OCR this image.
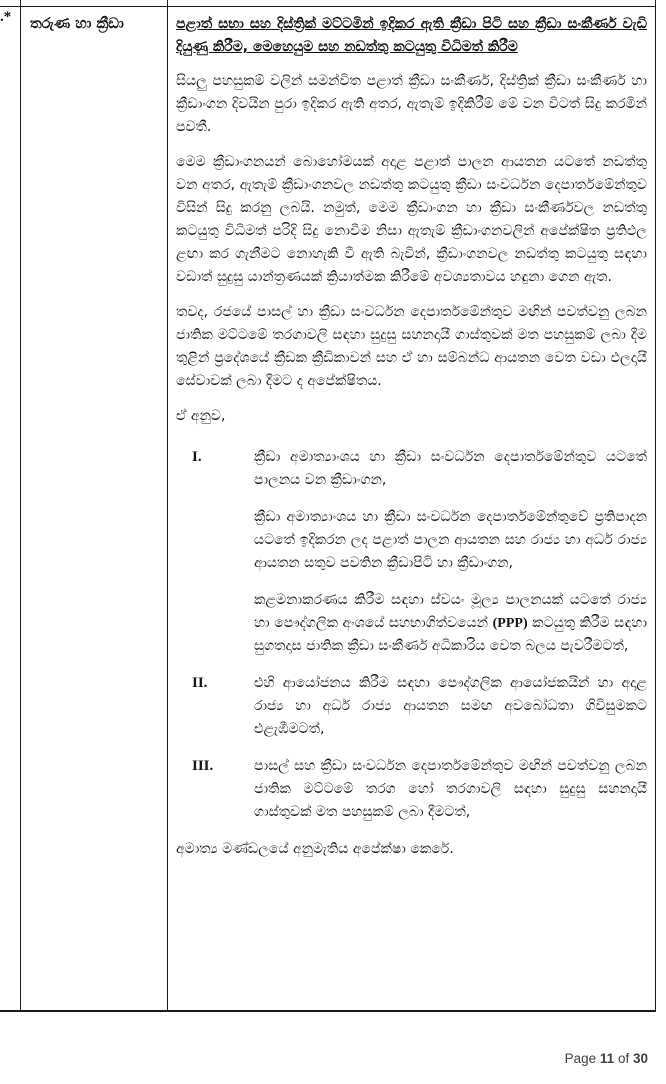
.*	තරුණ හා ක්‍රීඩා	පළාත් සභා සහ දිස්ත්‍රික් මට්ටමින් ඉදිකර ඇති ක්‍රීඩා පිටි සහ ක්‍රීඩා සංකීර්ණ වැඩි දියුණු කිරීම, මෙහෙයුම සහ නඩත්තු කටයුතු විධිමත් කිරීම

සියලු පහසුකම් වලින් සමන්විත පළාත් ක්‍රීඩා සංකීර්ණ, දිස්ත්‍රික් ක්‍රීඩා සංකීර්ණ හා ක්‍රීඩාංගන දිවයින පුරා ඉදිකර ඇති අතර, ඇතැම් ඉදිකිරීම් මේ වන විටත් සිදු කරමින් පවතී.

මෙම ක්‍රීඩාංගනයන් බොහෝමයක් අදාළ පළාත් පාලන ආයතන යටතේ නඩත්තු වන අතර, ඇතැම් ක්‍රීඩාංගනවල නඩත්තු කටයුතු ක්‍රීඩා සංවර්ධන දෙපාර්තමේන්තුව විසින් සිදු කරනු ලබයි. නමුත්, මෙම ක්‍රීඩාංගන හා ක්‍රීඩා සංකීර්ණවල නඩත්තු කටයුතු විධිමත් පරිදි සිදු නොවීම නිසා ඇතැම් ක්‍රීඩාංගනවලින් අපේක්ෂිත ප්‍රතිඵල ළඟා කර ගැනීමට නොහැකි වී ඇති බැවින්, ක්‍රීඩාංගනවල නඩත්තු කටයුතු සඳහා වඩාත් සුදුසු යාන්ත්‍රණයක් ක්‍රියාත්මක කිරීමේ අවශ්‍යතාවය හඳුනා ගෙන ඇත.

තවද, රජයේ පාසල් හා ක්‍රීඩා සංවර්ධන දෙපාර්තමේන්තුව මඟින් පවත්වනු ලබන ජාතික මට්ටමේ තරගාවලි සඳහා සුදුසු සහනදායී ගාස්තුවක් මත පහසුකම් ලබා දීම තුළින් ප්‍රදේශයේ ක්‍රීඩක ක්‍රීඩිකාවන් සහ ඒ හා සම්බන්ධ ආයතන වෙත වඩා ඵලදායී සේවාවක් ලබා දීමට ද අපේක්ෂිතය.

ඒ අනුව,

I.	ක්‍රීඩා අමාත්‍යාංශය හා ක්‍රීඩා සංවර්ධන දෙපාර්තමේන්තුව යටතේ පාලනය වන ක්‍රීඩාංගන,

ක්‍රීඩා අමාත්‍යාංශය හා ක්‍රීඩා සංවර්ධන දෙපාර්තමේන්තුවේ ප්‍රතිපාදන යටතේ ඉදිකරන ලද පළාත් පාලන ආයතන සහ රාජ්‍ය හා අර්ධ රාජ්‍ය ආයතන සතුව පවතින ක්‍රීඩාපිටි හා ක්‍රීඩාංගන,

කළමනාකරණය කිරීම සඳහා ස්වයං මූල්‍ය පාලනයක් යටතේ රාජ්‍ය හා පෞද්ගලික අංශයේ සහභාගිත්වයෙන් (PPP) කටයුතු කිරීම සඳහා සුගතදාස ජාතික ක්‍රීඩා සංකීර්ණ අධිකාරිය වෙත බලය පැවරීමටත්,

II.	එහි ආයෝජනය කිරීම සඳහා පෞද්ගලික ආයෝජකයින් හා අදාළ රාජ්‍ය හා අර්ධ රාජ්‍ය ආයතන සමඟ අවබෝධතා ගිවිසුමකට එළැඹීමටත්,

III.	පාසල් සහ ක්‍රීඩා සංවර්ධන දෙපාර්තමේන්තුව මඟින් පවත්වනු ලබන ජාතික මට්ටමේ තරග හෝ තරගාවලි සඳහා සුදුසු සහනදායී ගාස්තුවක් මත පහසුකම් ලබා දීමටත්,

අමාත්‍ය මණ්ඩලයේ අනුමැතිය අපේක්ෂා කෙරේ.

Page 11 of 30
